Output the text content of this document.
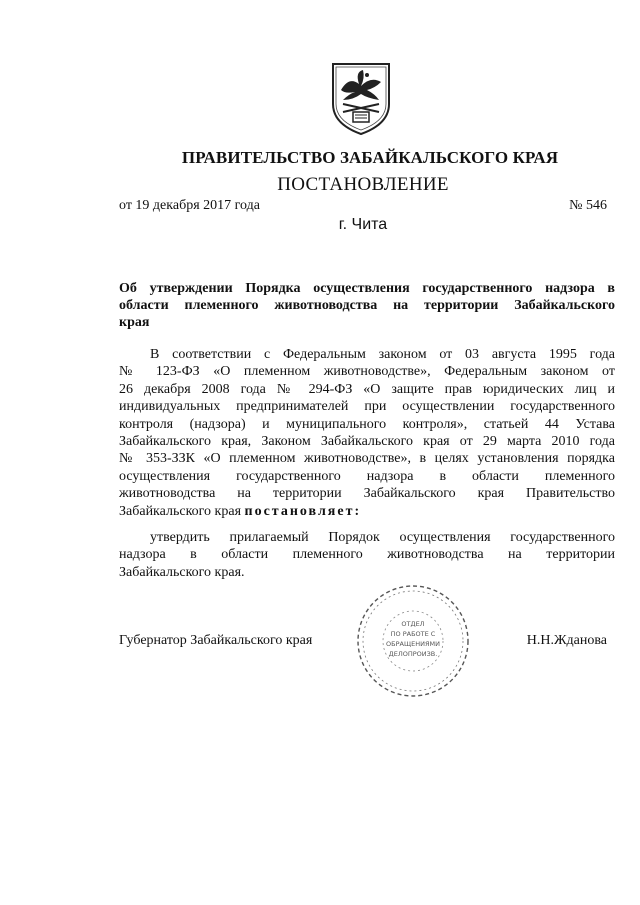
ПРАВИТЕЛЬСТВО ЗАБАЙКАЛЬСКОГО КРАЯ
ПОСТАНОВЛЕНИЕ
от 19 декабря 2017 года	№ 546
г. Чита
Об утверждении Порядка осуществления государственного надзора в
области племенного животноводства на территории Забайкальского
края
В соответствии с Федеральным законом от 03 августа 1995 года
№ 123-ФЗ «О племенном животноводстве», Федеральным законом от
26 декабря 2008 года № 294-ФЗ «О защите прав юридических лиц и
индивидуальных предпринимателей при осуществлении государственного
контроля (надзора) и муниципального контроля», статьей 44 Устава
Забайкальского края, Законом Забайкальского края от 29 марта 2010 года
№ 353-ЗЗК «О племенном животноводстве», в целях установления порядка
осуществления государственного надзора в области племенного
животноводства на территории Забайкальского края Правительство
Забайкальского края постановляет:
утвердить прилагаемый Порядок осуществления государственного
надзора в области племенного животноводства на территории
Забайкальского края.
ОТДЕЛ
ПО РАБОТЕ С
ОБРАЩЕНИЯМИ
ДЕЛОПРОИЗВ.
Губернатор Забайкальского края	Н.Н.Жданова
